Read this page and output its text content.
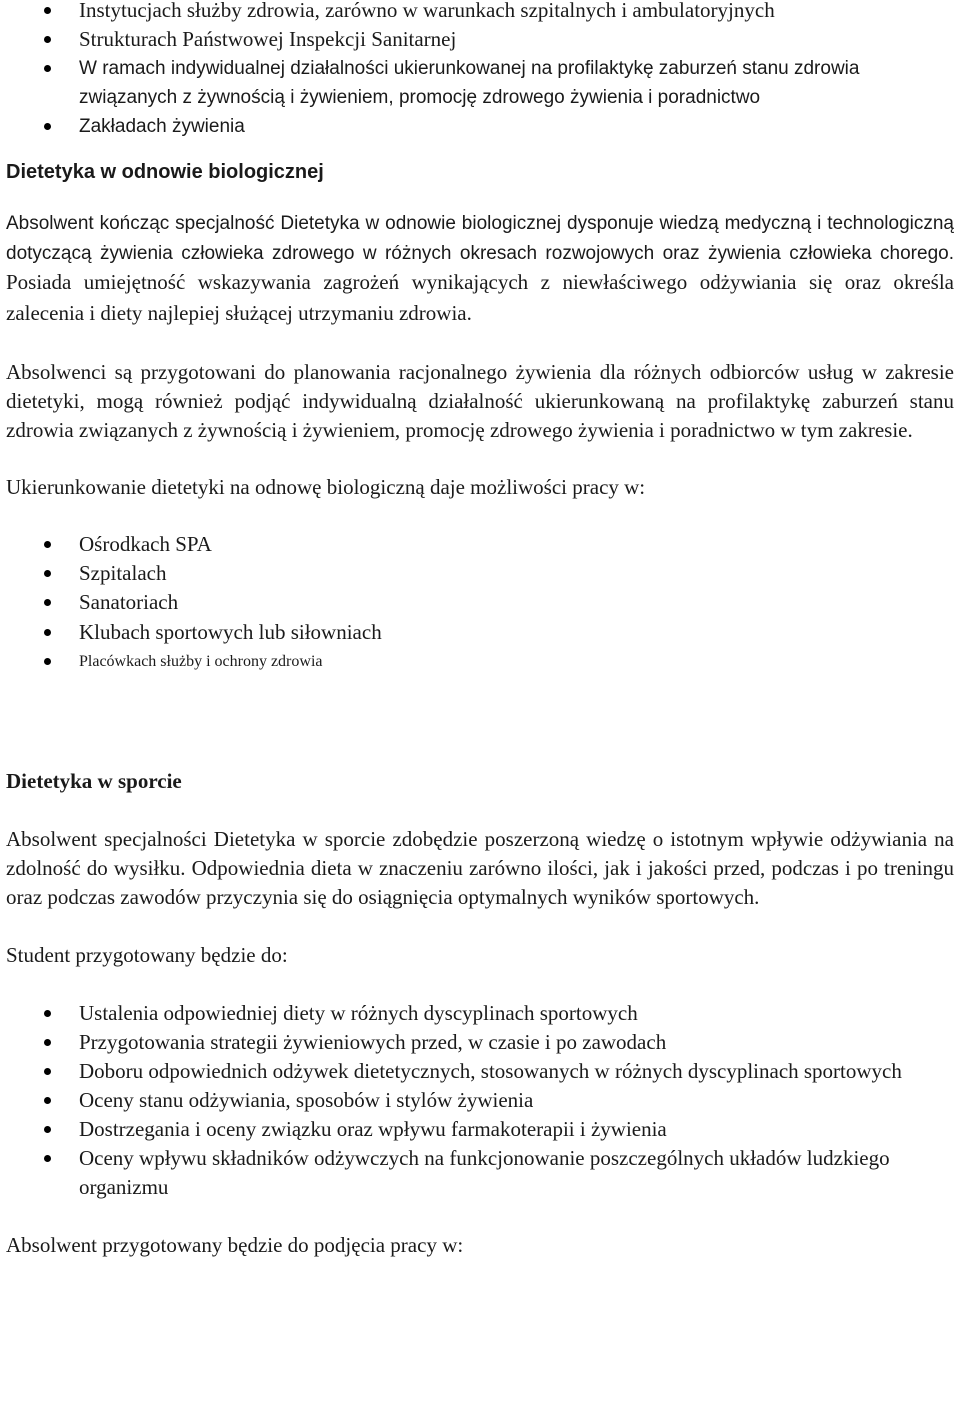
Instytucjach służby zdrowia, zarówno w warunkach szpitalnych i ambulatoryjnych
Strukturach Państwowej Inspekcji Sanitarnej
W ramach indywidualnej działalności ukierunkowanej na profilaktykę zaburzeń stanu zdrowia związanych z żywnością i żywieniem, promocję zdrowego żywienia i poradnictwo
Zakładach żywienia
Dietetyka w odnowie biologicznej

Absolwent kończąc specjalność Dietetyka w odnowie biologicznej dysponuje wiedzą medyczną i technologiczną dotyczącą żywienia człowieka zdrowego w różnych okresach rozwojowych oraz żywienia człowieka chorego. Posiada umiejętność wskazywania zagrożeń wynikających z niewłaściwego odżywiania się oraz określa zalecenia i diety najlepiej służącej utrzymaniu zdrowia.

Absolwenci są przygotowani do planowania racjonalnego żywienia dla różnych odbiorców usług w zakresie dietetyki, mogą również podjąć indywidualną działalność ukierunkowaną na profilaktykę zaburzeń stanu zdrowia związanych z żywnością i żywieniem, promocję zdrowego żywienia i poradnictwo w tym zakresie.

Ukierunkowanie dietetyki na odnowę biologiczną daje możliwości pracy w:

Ośrodkach SPA
Szpitalach
Sanatoriach
Klubach sportowych lub siłowniach
Placówkach służby i ochrony zdrowia
Dietetyka w sporcie

Absolwent specjalności Dietetyka w sporcie zdobędzie poszerzoną wiedzę o istotnym wpływie odżywiania na zdolność do wysiłku. Odpowiednia dieta w znaczeniu zarówno ilości, jak i jakości przed, podczas i po treningu oraz podczas zawodów przyczynia się do osiągnięcia optymalnych wyników sportowych.

Student przygotowany będzie do:

Ustalenia odpowiedniej diety w różnych dyscyplinach sportowych
Przygotowania strategii żywieniowych przed, w czasie i po zawodach
Doboru odpowiednich odżywek dietetycznych, stosowanych w różnych dyscyplinach sportowych
Oceny stanu odżywiania, sposobów i stylów żywienia
Dostrzegania i oceny związku oraz wpływu farmakoterapii i żywienia
Oceny wpływu składników odżywczych na funkcjonowanie poszczególnych układów ludzkiego organizmu

Absolwent przygotowany będzie do podjęcia pracy w:
